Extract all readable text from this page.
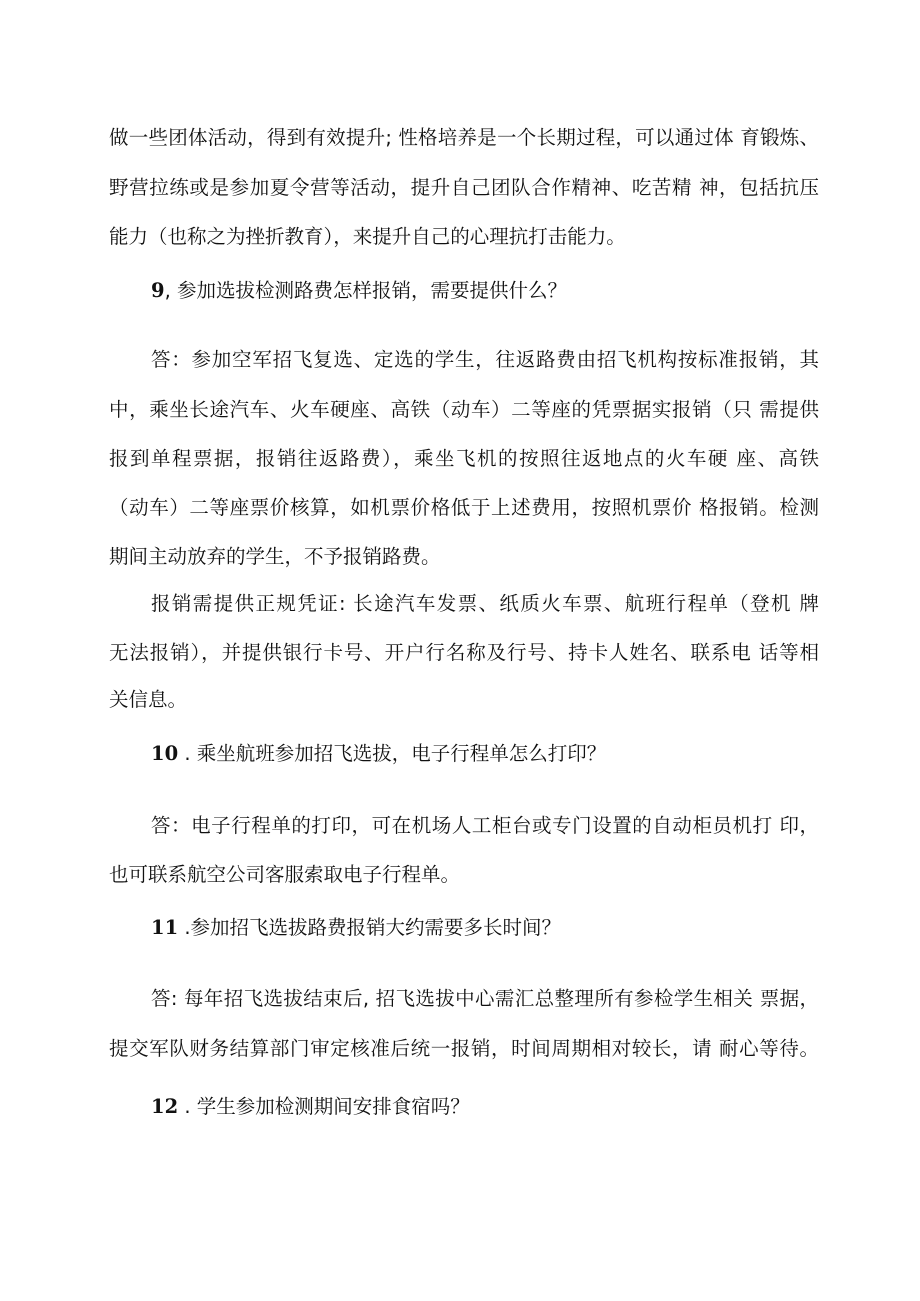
做一些团体活动，得到有效提升; 性格培养是一个长期过程，可以通过体 育锻炼、
野营拉练或是参加夏令营等活动，提升自己团队合作精神、吃苦精 神，包括抗压
能力（也称之为挫折教育），来提升自己的心理抗打击能力。
9, 参加选拔检测路费怎样报销，需要提供什么？
答：参加空军招飞复选、定选的学生，往返路费由招飞机构按标准报销，其
中，乘坐长途汽车、火车硬座、高铁（动车）二等座的凭票据实报销（只 需提供
报到单程票据，报销往返路费），乘坐飞机的按照往返地点的火车硬 座、高铁
（动车）二等座票价核算，如机票价格低于上述费用，按照机票价 格报销。检测
期间主动放弃的学生，不予报销路费。
报销需提供正规凭证: 长途汽车发票、纸质火车票、航班行程单（登机 牌
无法报销），并提供银行卡号、开户行名称及行号、持卡人姓名、联系电 话等相
关信息。
10 . 乘坐航班参加招飞选拔，电子行程单怎么打印？
答：电子行程单的打印，可在机场人工柜台或专门设置的自动柜员机打 印，
也可联系航空公司客服索取电子行程单。
11 .参加招飞选拔路费报销大约需要多长时间？
答: 每年招飞选拔结束后, 招飞选拔中心需汇总整理所有参检学生相关 票据，
提交军队财务结算部门审定核准后统一报销，时间周期相对较长，请 耐心等待。
12 . 学生参加检测期间安排食宿吗？
